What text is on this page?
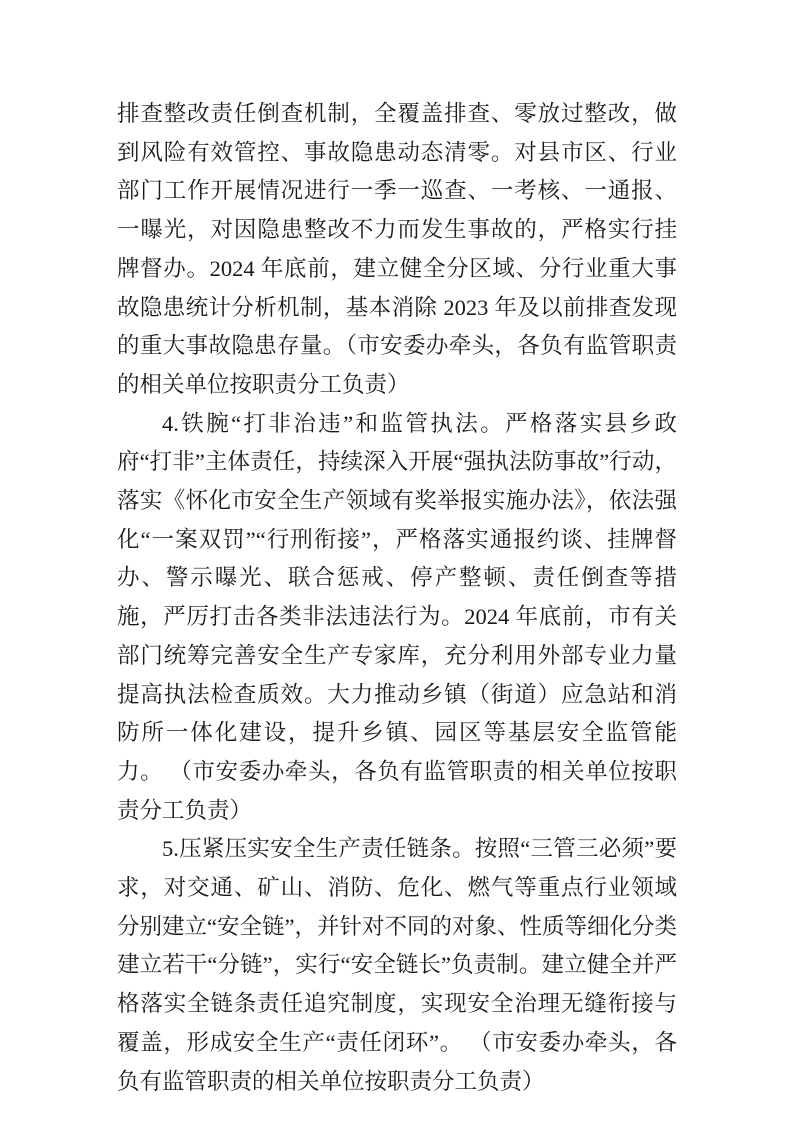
排查整改责任倒查机制，全覆盖排查、零放过整改，做到风险有效管控、事故隐患动态清零。对县市区、行业部门工作开展情况进行一季一巡查、一考核、一通报、一曝光，对因隐患整改不力而发生事故的，严格实行挂牌督办。2024 年底前，建立健全分区域、分行业重大事故隐患统计分析机制，基本消除 2023 年及以前排查发现的重大事故隐患存量。（市安委办牵头，各负有监管职责的相关单位按职责分工负责）

4.铁腕“打非治违”和监管执法。严格落实县乡政府“打非”主体责任，持续深入开展“强执法防事故”行动，落实《怀化市安全生产领域有奖举报实施办法》，依法强化“一案双罚”“行刑衔接”，严格落实通报约谈、挂牌督办、警示曝光、联合惩戒、停产整顿、责任倒查等措施，严厉打击各类非法违法行为。2024 年底前，市有关部门统筹完善安全生产专家库，充分利用外部专业力量提高执法检查质效。大力推动乡镇（街道）应急站和消防所一体化建设，提升乡镇、园区等基层安全监管能力。 （市安委办牵头，各负有监管职责的相关单位按职责分工负责）

5.压紧压实安全生产责任链条。按照“三管三必须”要求，对交通、矿山、消防、危化、燃气等重点行业领域分别建立“安全链”，并针对不同的对象、性质等细化分类建立若干“分链”，实行“安全链长”负责制。建立健全并严格落实全链条责任追究制度，实现安全治理无缝衔接与覆盖，形成安全生产“责任闭环”。 （市安委办牵头，各负有监管职责的相关单位按职责分工负责）
